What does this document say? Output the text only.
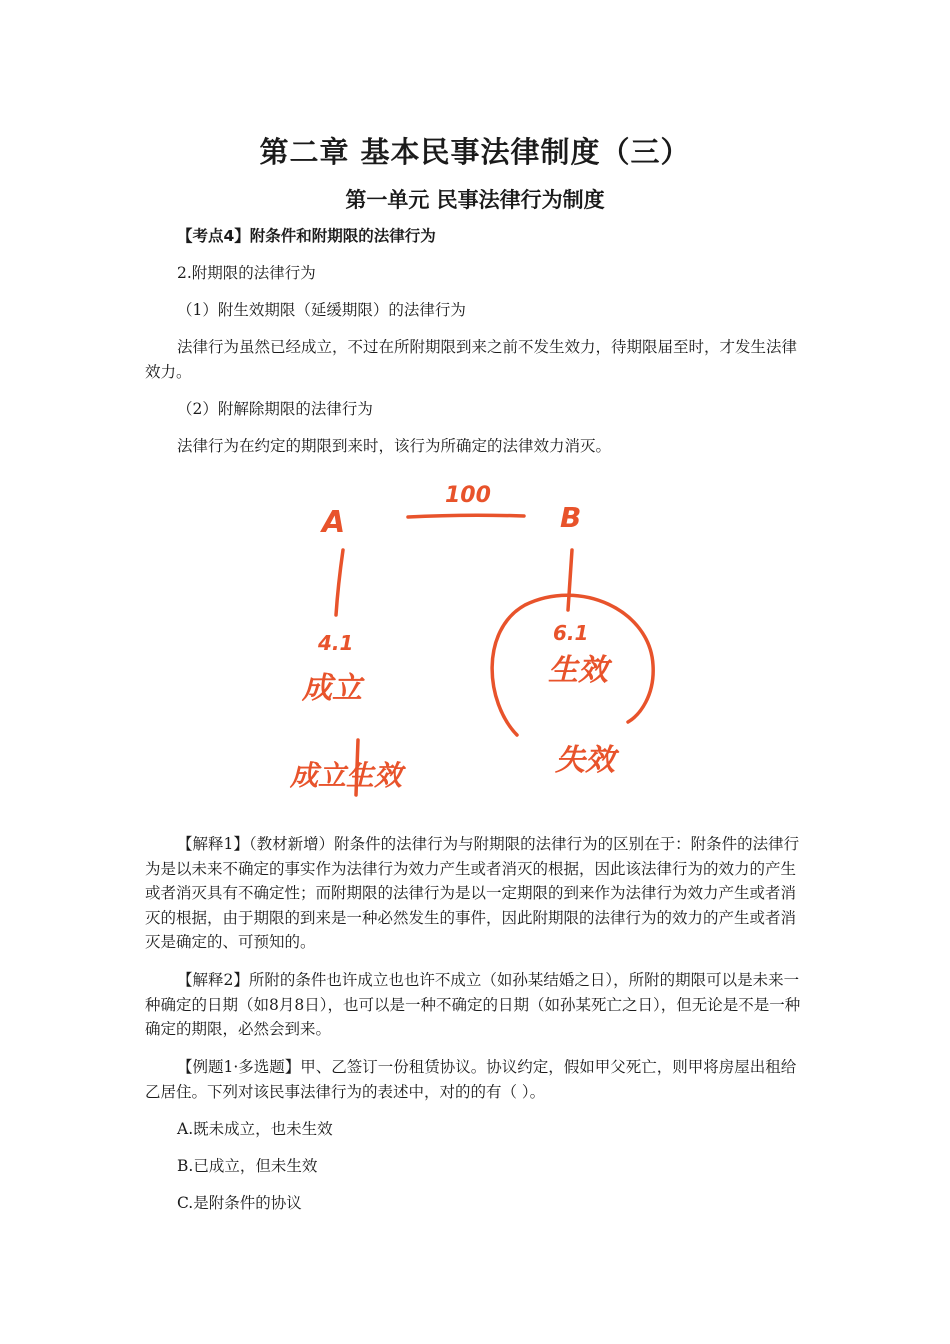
第二章 基本民事法律制度（三）
第一单元 民事法律行为制度
【考点4】附条件和附期限的法律行为
2.附期限的法律行为
（1）附生效期限（延缓期限）的法律行为
法律行为虽然已经成立，不过在所附期限到来之前不发生效力，待期限届至时，才发生法律效力。
（2）附解除期限的法律行为
法律行为在约定的期限到来时，该行为所确定的法律效力消灭。
100
A	B
4.1	6.1
成立
生效
成立生效	失效
【解释1】（教材新增）附条件的法律行为与附期限的法律行为的区别在于：附条件的法律行为是以未来不确定的事实作为法律行为效力产生或者消灭的根据，因此该法律行为的效力的产生或者消灭具有不确定性；而附期限的法律行为是以一定期限的到来作为法律行为效力产生或者消灭的根据，由于期限的到来是一种必然发生的事件，因此附期限的法律行为的效力的产生或者消灭是确定的、可预知的。
【解释2】所附的条件也许成立也也许不成立（如孙某结婚之日），所附的期限可以是未来一种确定的日期（如8月8日），也可以是一种不确定的日期（如孙某死亡之日），但无论是不是一种确定的期限，必然会到来。
【例题1·多选题】甲、乙签订一份租赁协议。协议约定，假如甲父死亡，则甲将房屋出租给乙居住。下列对该民事法律行为的表述中，对的的有（ ）。
A.既未成立，也未生效
B.已成立，但未生效
C.是附条件的协议
